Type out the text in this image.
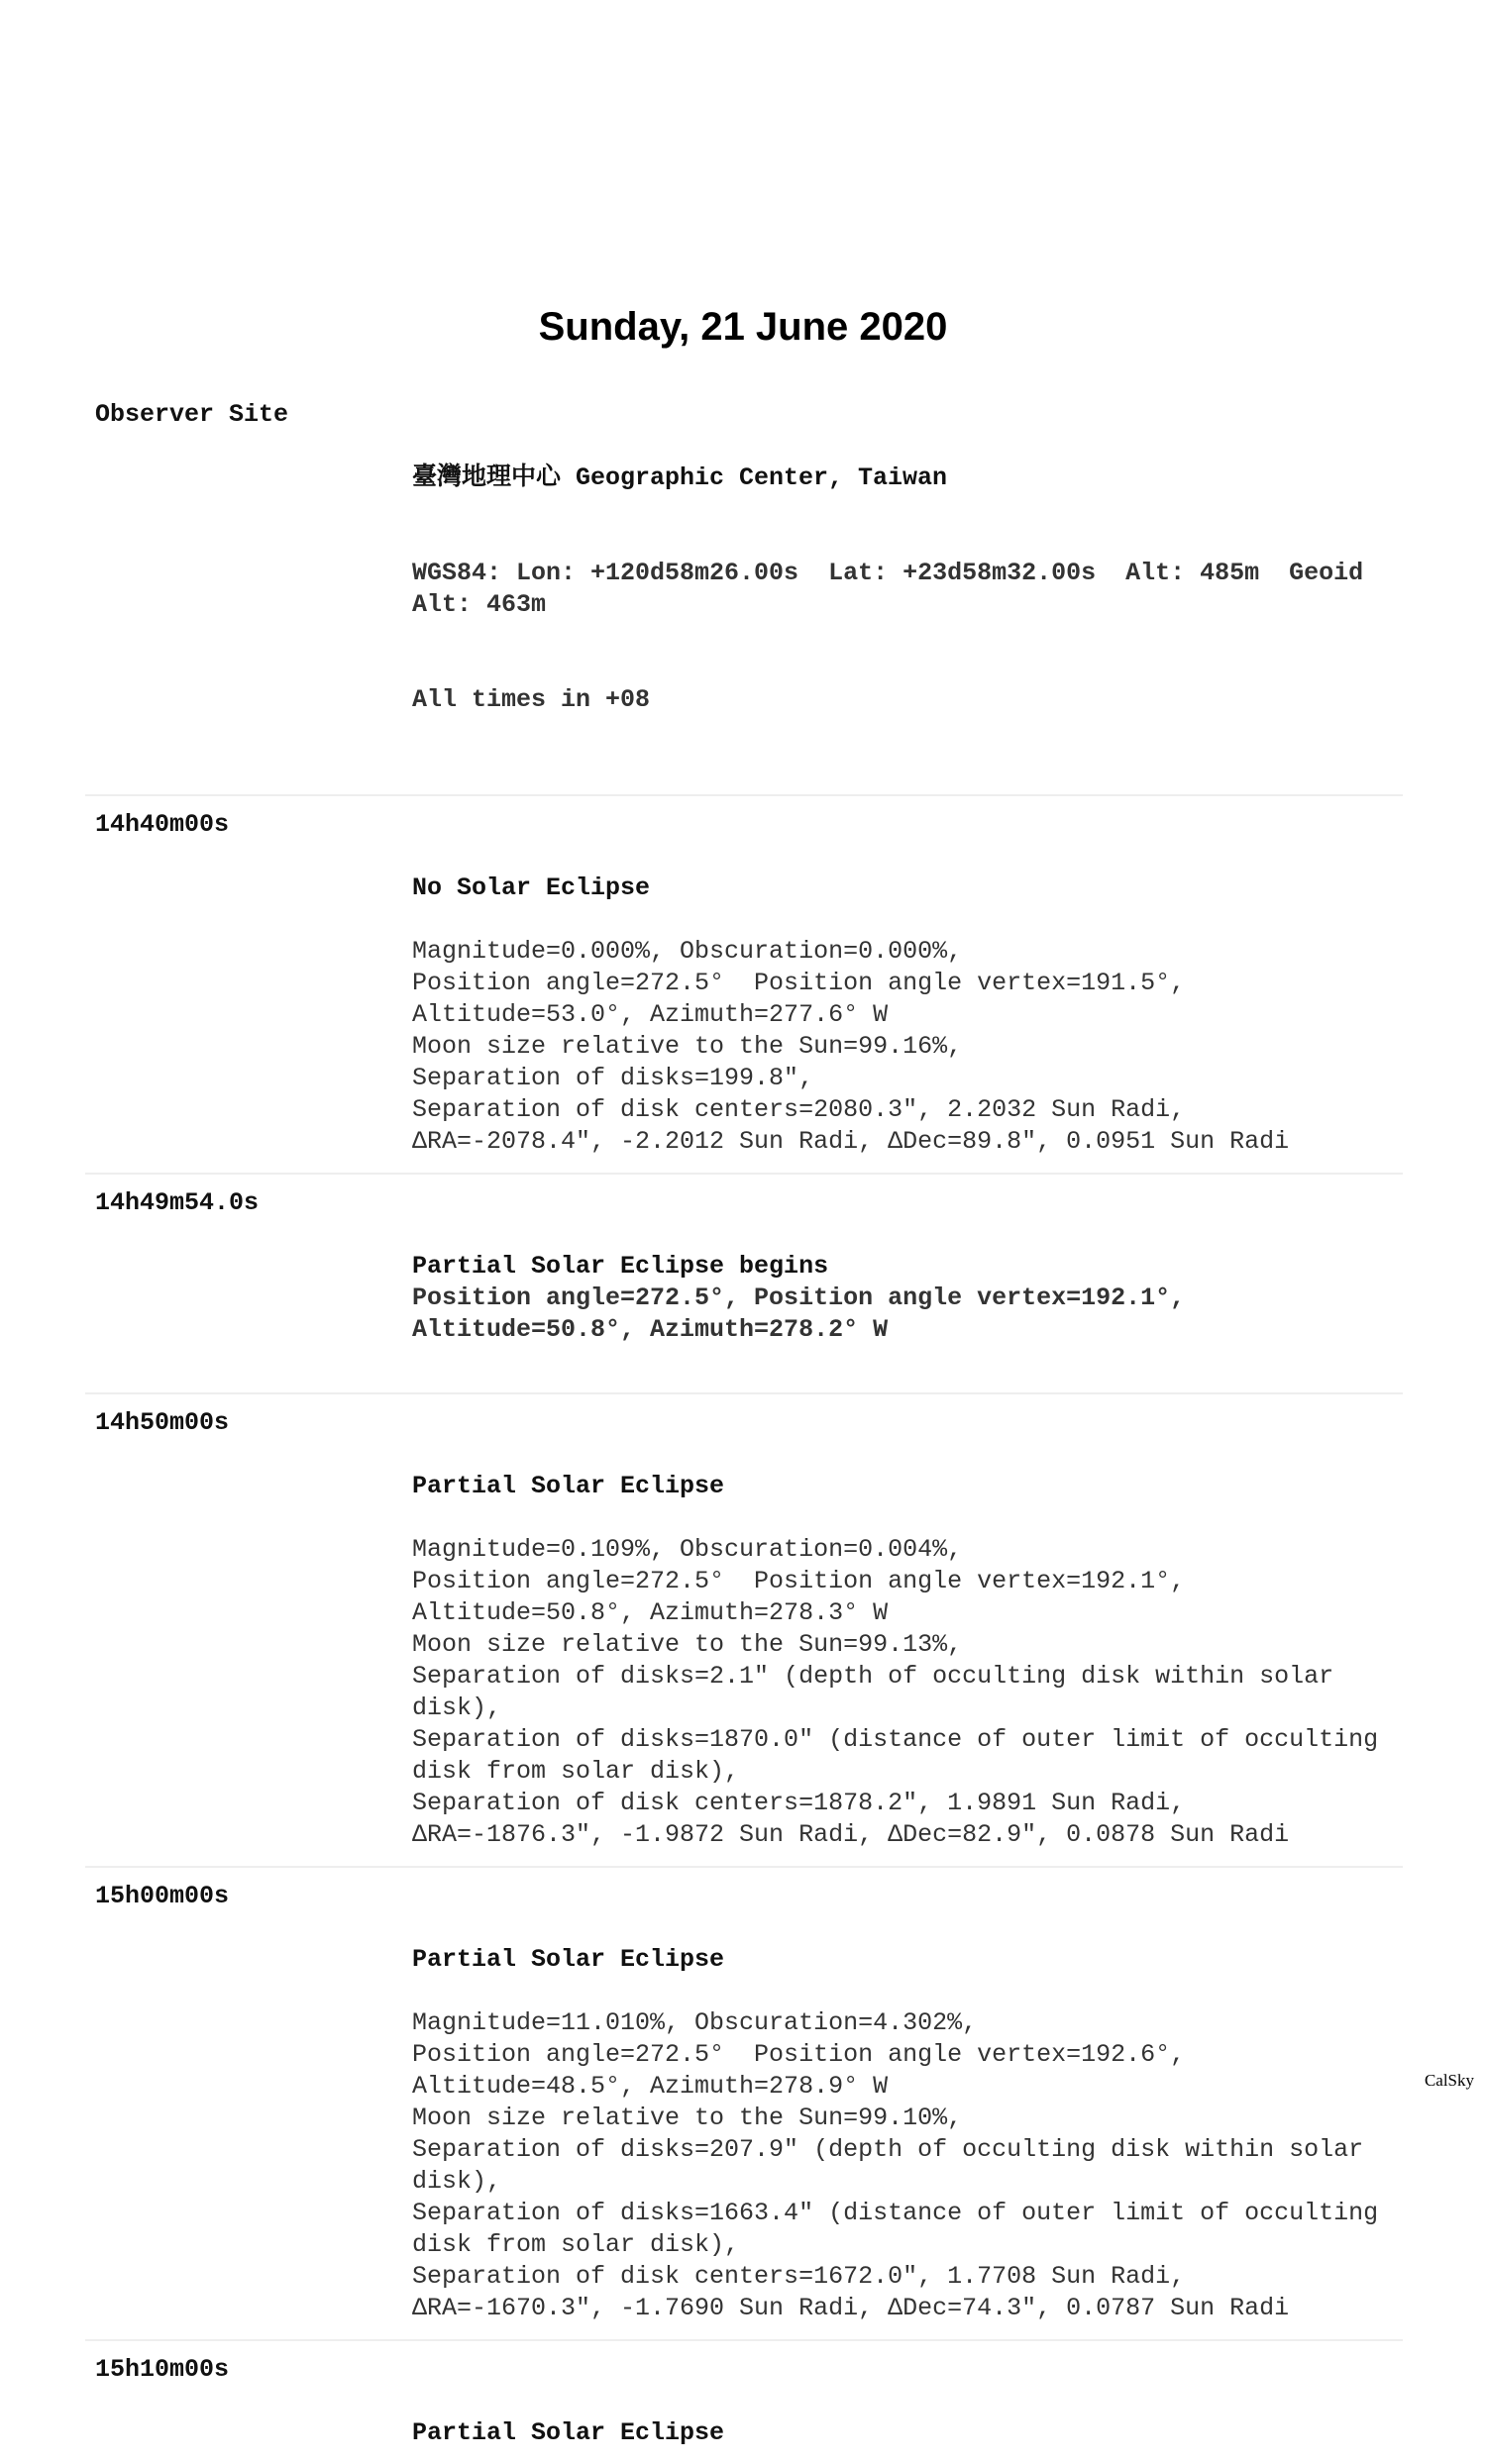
Sunday, 21 June 2020
Observer Site

臺灣地理中心 Geographic Center, Taiwan

WGS84: Lon: +120d58m26.00s  Lat: +23d58m32.00s  Alt: 485m  Geoid Alt: 463m

All times in +08

14h40m00s

No Solar Eclipse
Magnitude=0.000%, Obscuration=0.000%,
Position angle=272.5°  Position angle vertex=191.5°,
Altitude=53.0°, Azimuth=277.6° W
Moon size relative to the Sun=99.16%,
Separation of disks=199.8",
Separation of disk centers=2080.3", 2.2032 Sun Radi,
ΔRA=-2078.4", -2.2012 Sun Radi, ΔDec=89.8", 0.0951 Sun Radi
14h49m54.0s

Partial Solar Eclipse begins
Position angle=272.5°, Position angle vertex=192.1°,
Altitude=50.8°, Azimuth=278.2° W
14h50m00s

Partial Solar Eclipse
Magnitude=0.109%, Obscuration=0.004%,
Position angle=272.5°  Position angle vertex=192.1°,
Altitude=50.8°, Azimuth=278.3° W
Moon size relative to the Sun=99.13%,
Separation of disks=2.1" (depth of occulting disk within solar disk),
Separation of disks=1870.0" (distance of outer limit of occulting disk from solar disk),
Separation of disk centers=1878.2", 1.9891 Sun Radi,
ΔRA=-1876.3", -1.9872 Sun Radi, ΔDec=82.9", 0.0878 Sun Radi
15h00m00s

Partial Solar Eclipse
Magnitude=11.010%, Obscuration=4.302%,
Position angle=272.5°  Position angle vertex=192.6°,
Altitude=48.5°, Azimuth=278.9° W
Moon size relative to the Sun=99.10%,
Separation of disks=207.9" (depth of occulting disk within solar disk),
Separation of disks=1663.4" (distance of outer limit of occulting disk from solar disk),
Separation of disk centers=1672.0", 1.7708 Sun Radi,
ΔRA=-1670.3", -1.7690 Sun Radi, ΔDec=74.3", 0.0787 Sun Radi
15h10m00s

Partial Solar Eclipse
CalSky
